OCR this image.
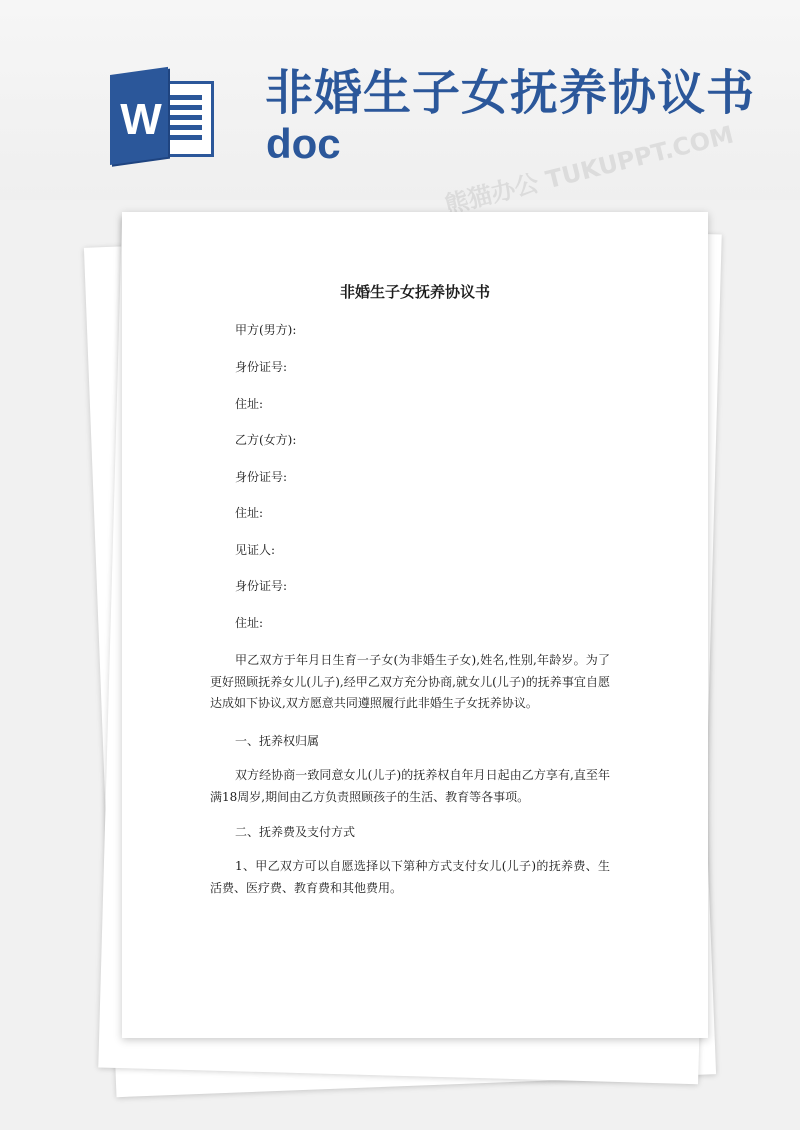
W 非婚生子女抚养协议书
doc
非婚生子女抚养协议书

甲方(男方):

身份证号:

住址:

乙方(女方):

身份证号:

住址:

见证人:

身份证号:

住址:

甲乙双方于年月日生育一子女(为非婚生子女),姓名,性别,年龄岁。为了更好照顾抚养女儿(儿子),经甲乙双方充分协商,就女儿(儿子)的抚养事宜自愿达成如下协议,双方愿意共同遵照履行此非婚生子女抚养协议。

一、抚养权归属

双方经协商一致同意女儿(儿子)的抚养权自年月日起由乙方享有,直至年满18周岁,期间由乙方负责照顾孩子的生活、教育等各事项。

二、抚养费及支付方式

1、甲乙双方可以自愿选择以下第种方式支付女儿(儿子)的抚养费、生活费、医疗费、教育费和其他费用。
